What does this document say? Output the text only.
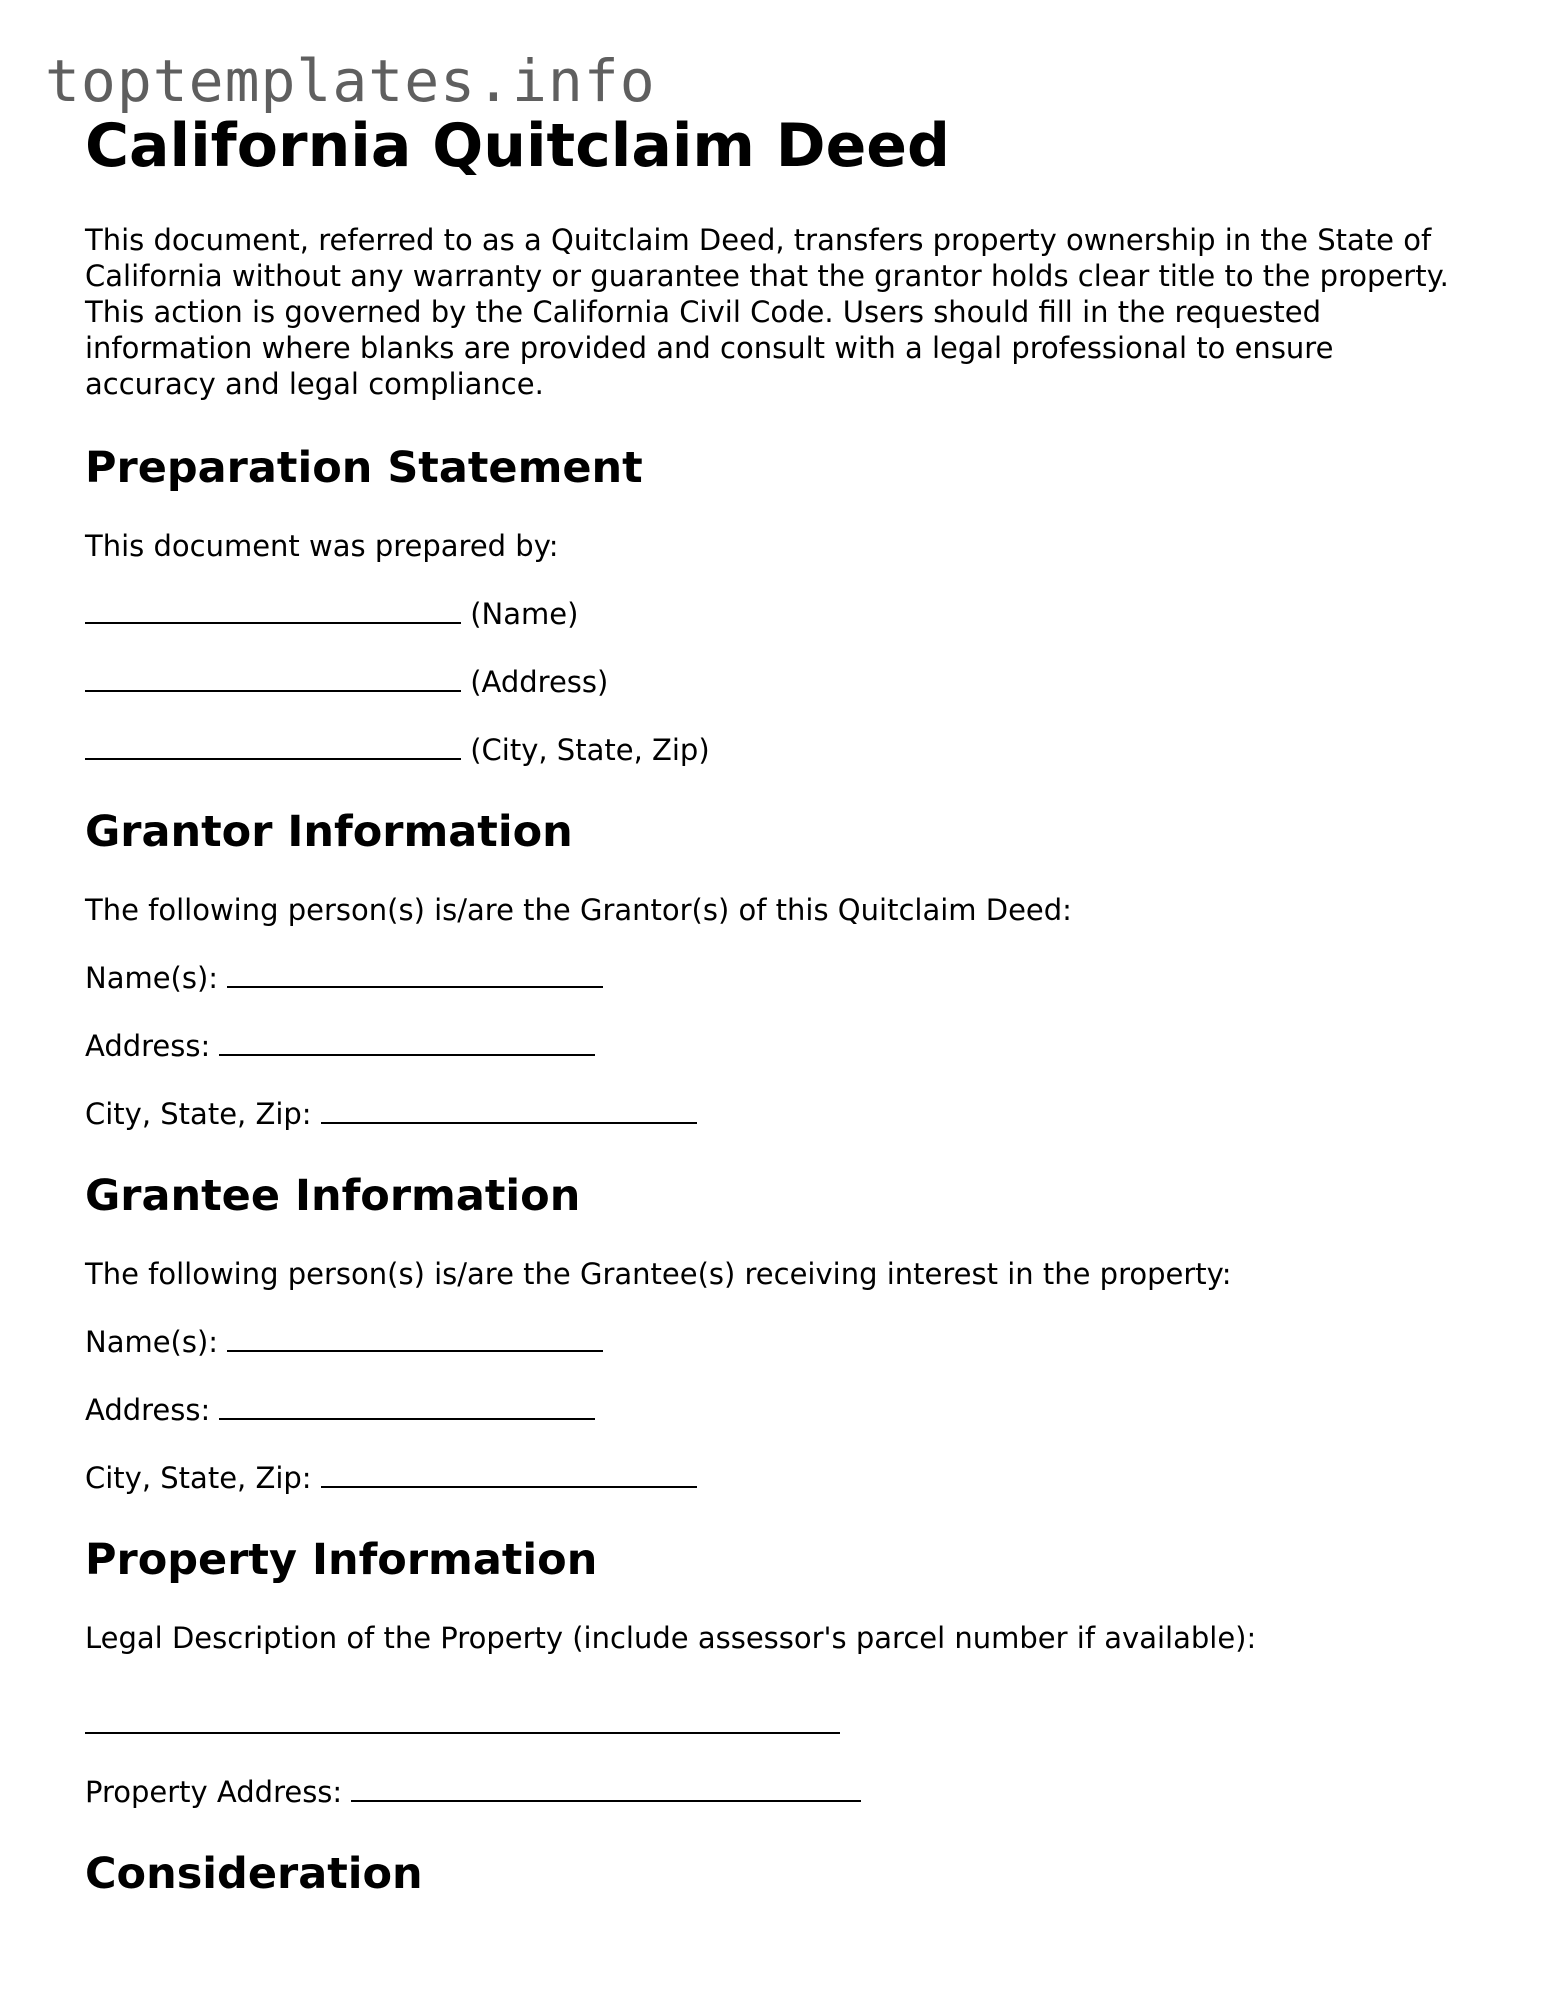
toptemplates.info
California Quitclaim Deed

This document, referred to as a Quitclaim Deed, transfers property ownership in the State of California without any warranty or guarantee that the grantor holds clear title to the property. This action is governed by the California Civil Code. Users should fill in the requested information where blanks are provided and consult with a legal professional to ensure accuracy and legal compliance.

Preparation Statement
This document was prepared by:
(Name)
(Address)
(City, State, Zip)
Grantor Information
The following person(s) is/are the Grantor(s) of this Quitclaim Deed:
Name(s):
Address:
City, State, Zip:
Grantee Information
The following person(s) is/are the Grantee(s) receiving interest in the property:
Name(s):
Address:
City, State, Zip:
Property Information
Legal Description of the Property (include assessor's parcel number if available):
Property Address:
Consideration
